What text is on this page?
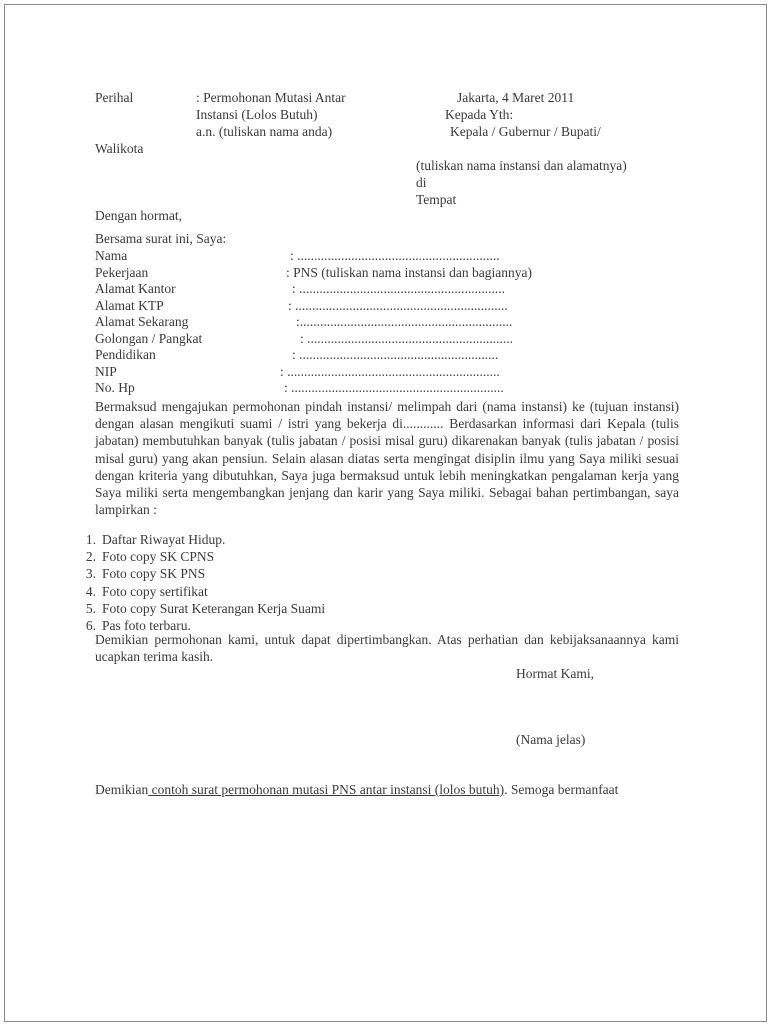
Perihal	: Permohonan Mutasi Antar
Instansi (Lolos Butuh)
a.n. (tuliskan nama anda)
Walikota
Jakarta, 4 Maret 2011
Kepada Yth:
Kepala / Gubernur / Bupati/
(tuliskan nama instansi dan alamatnya)
di
Tempat
Dengan hormat,
Bersama surat ini, Saya:
Nama	: ............................................................
Pekerjaan	: PNS (tuliskan nama instansi dan bagiannya)
Alamat Kantor	: .............................................................
Alamat KTP	: ...............................................................
Alamat Sekarang	:...............................................................
Golongan / Pangkat	: .............................................................
Pendidikan	: ...........................................................
NIP	: ...............................................................
No. Hp	: ...............................................................
Bermaksud mengajukan permohonan pindah instansi/ melimpah dari (nama instansi) ke (tujuan instansi) dengan alasan mengikuti suami / istri yang bekerja di............ Berdasarkan informasi dari Kepala (tulis jabatan) membutuhkan banyak (tulis jabatan / posisi misal guru) dikarenakan banyak (tulis jabatan / posisi misal guru) yang akan pensiun. Selain alasan diatas serta mengingat disiplin ilmu yang Saya miliki sesuai dengan kriteria yang dibutuhkan, Saya juga bermaksud untuk lebih meningkatkan pengalaman kerja yang Saya miliki serta mengembangkan jenjang dan karir yang Saya miliki. Sebagai bahan pertimbangan, saya lampirkan :
1. Daftar Riwayat Hidup.
2. Foto copy SK CPNS
3. Foto copy SK PNS
4. Foto copy sertifikat
5. Foto copy Surat Keterangan Kerja Suami
6. Pas foto terbaru.
Demikian permohonan kami, untuk dapat dipertimbangkan. Atas perhatian dan kebijaksanaannya kami ucapkan terima kasih.
Hormat Kami,
(Nama jelas)
Demikian contoh surat permohonan mutasi PNS antar instansi (lolos butuh). Semoga bermanfaat
